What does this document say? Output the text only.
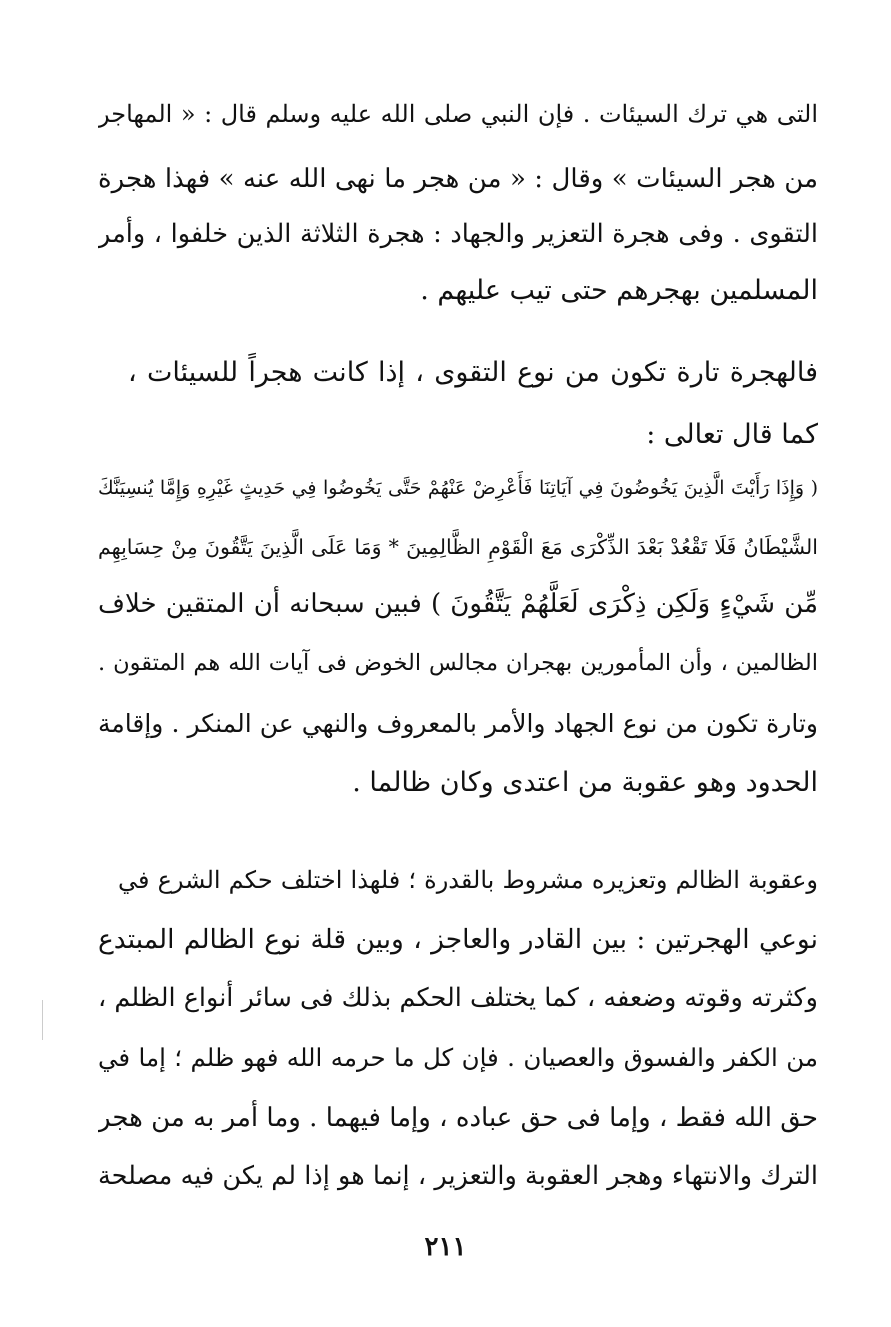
التى هي ترك السيئات . فإن النبي صلى الله عليه وسلم قال : « المهاجر
من هجر السيئات » وقال : « من هجر ما نهى الله عنه » فهذا هجرة
التقوى . وفى هجرة التعزير والجهاد : هجرة الثلاثة الذين خلفوا ، وأمر
المسلمين بهجرهم حتى تيب عليهم .
فالهجرة تارة تكون من نوع التقوى ، إذا كانت هجراً للسيئات ،
كما قال تعالى :
( وَإِذَا رَأَيْتَ الَّذِينَ يَخُوضُونَ فِي آيَاتِنَا فَأَعْرِضْ عَنْهُمْ حَتَّى يَخُوضُوا فِي حَدِيثٍ غَيْرِهِ وَإِمَّا يُنسِيَنَّكَ
الشَّيْطَانُ فَلَا تَقْعُدْ بَعْدَ الذِّكْرَى مَعَ الْقَوْمِ الظَّالِمِينَ * وَمَا عَلَى الَّذِينَ يَتَّقُونَ مِنْ حِسَابِهِم
مِّن شَيْءٍ وَلَكِن ذِكْرَى لَعَلَّهُمْ يَتَّقُونَ ) فبين سبحانه أن المتقين خلاف
الظالمين ، وأن المأمورين بهجران مجالس الخوض فى آيات الله هم المتقون .
وتارة تكون من نوع الجهاد والأمر بالمعروف والنهي عن المنكر . وإقامة
الحدود وهو عقوبة من اعتدى وكان ظالما .
وعقوبة الظالم وتعزيره مشروط بالقدرة ؛ فلهذا اختلف حكم الشرع في
نوعي الهجرتين : بين القادر والعاجز ، وبين قلة نوع الظالم المبتدع
وكثرته وقوته وضعفه ، كما يختلف الحكم بذلك فى سائر أنواع الظلم ،
من الكفر والفسوق والعصيان . فإن كل ما حرمه الله فهو ظلم ؛ إما في
حق الله فقط ، وإما فى حق عباده ، وإما فيهما . وما أمر به من هجر
الترك والانتهاء وهجر العقوبة والتعزير ، إنما هو إذا لم يكن فيه مصلحة
٢١١
